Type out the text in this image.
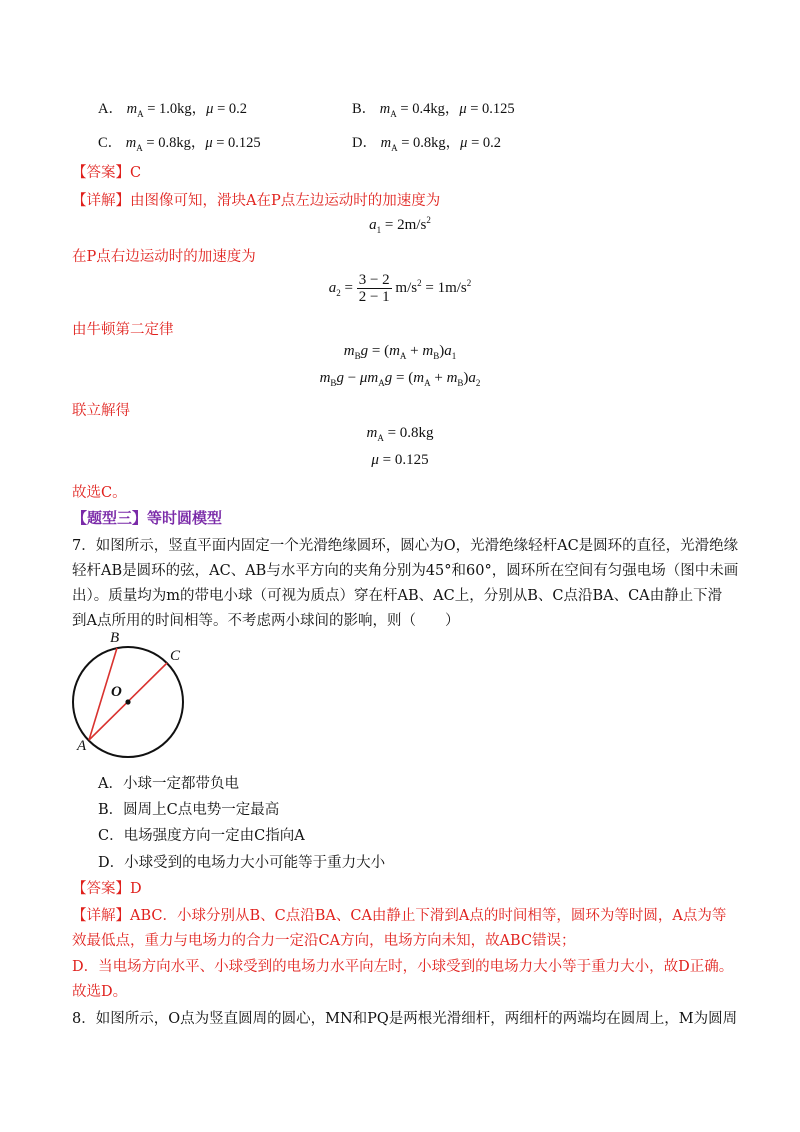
A． $m_A = 1.0kg$，μ = 0.2	B． $m_A = 0.4kg$，μ = 0.125
C． $m_A = 0.8kg$，μ = 0.125	D． $m_A = 0.8kg$，μ = 0.2
【答案】C
【详解】由图像可知，滑块A在P点左边运动时的加速度为
$a_1 = 2m/s^2$
在P点右边运动时的加速度为
$a_2 = \frac{3 - 2}{2 - 1} m/s^2 = 1m/s^2$
由牛顿第二定律
$m_Bg = (m_A + m_B)a_1$
$m_Bg - \mu m_Ag = (m_A + m_B)a_2$
联立解得
$m_A = 0.8kg$
μ = 0.125
故选C。
【题型三】等时圆模型
7．如图所示，竖直平面内固定一个光滑绝缘圆环，圆心为O，光滑绝缘轻杆AC是圆环的直径，光滑绝缘
轻杆AB是圆环的弦，AC、AB与水平方向的夹角分别为45°和60°，圆环所在空间有匀强电场（图中未画
出）。质量均为m的带电小球（可视为质点）穿在杆AB、AC上，分别从B、C点沿BA、CA由静止下滑
到A点所用的时间相等。不考虑两小球间的影响，则（　　）
B
C
O
A
A．小球一定都带负电
B．圆周上C点电势一定最高
C．电场强度方向一定由C指向A
D．小球受到的电场力大小可能等于重力大小
【答案】D
【详解】ABC．小球分别从B、C点沿BA、CA由静止下滑到A点的时间相等，圆环为等时圆，A点为等
效最低点，重力与电场力的合力一定沿CA方向，电场方向未知，故ABC错误；
D．当电场方向水平、小球受到的电场力水平向左时，小球受到的电场力大小等于重力大小，故D正确。
故选D。
8．如图所示，O点为竖直圆周的圆心，MN和PQ是两根光滑细杆，两细杆的两端均在圆周上，M为圆周
